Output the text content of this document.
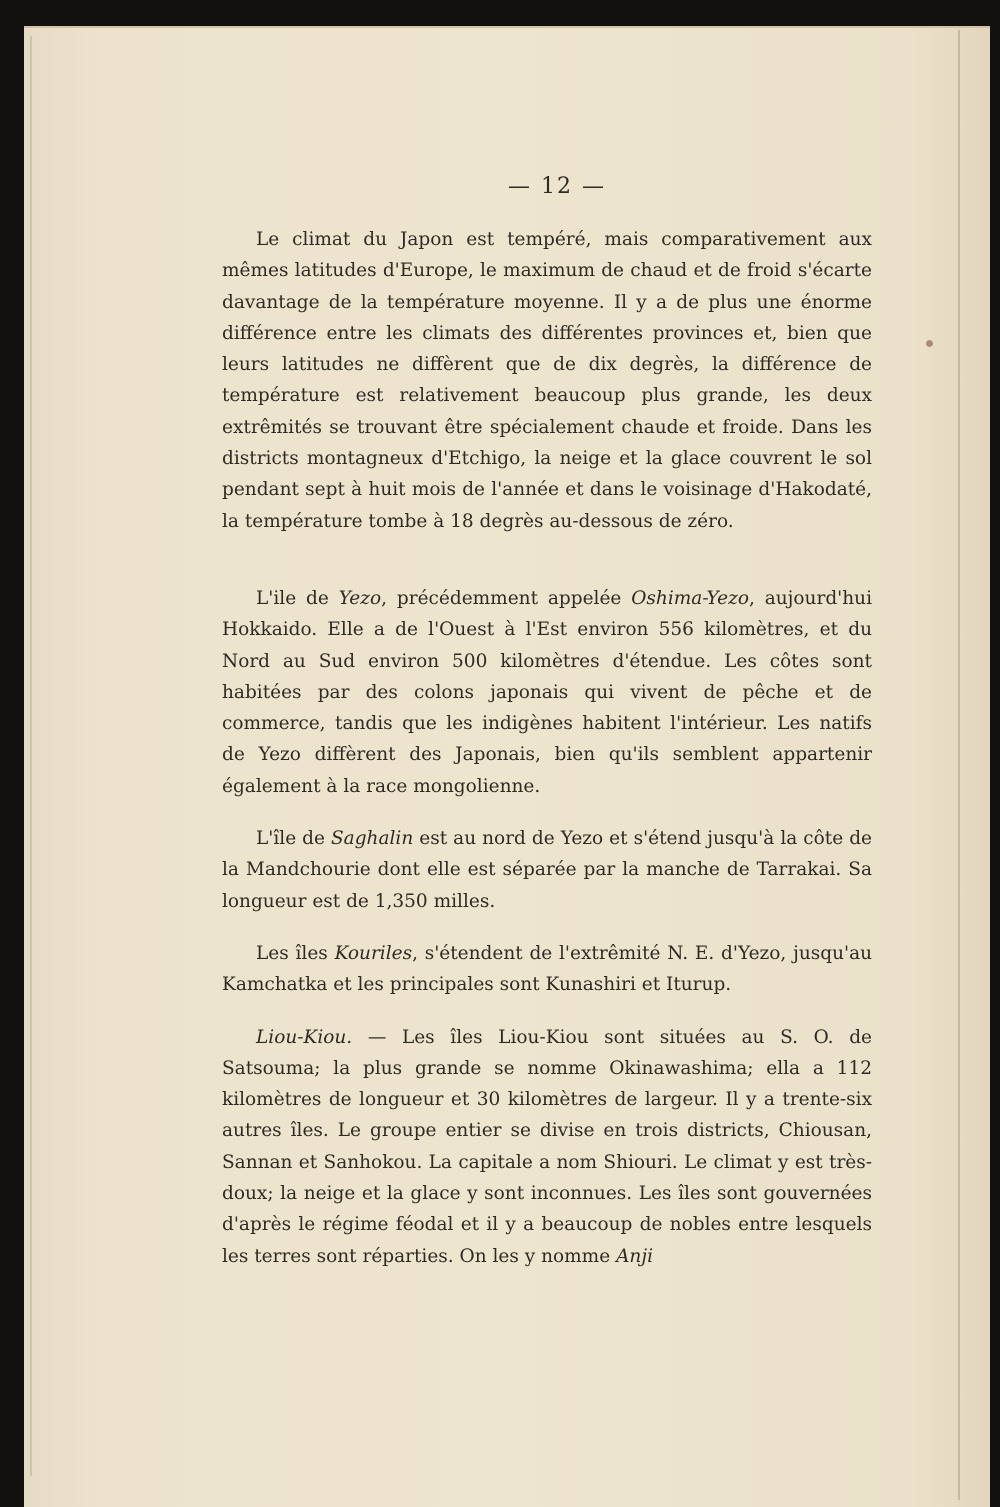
— 12 —

Le climat du Japon est tempéré, mais comparativement aux mêmes latitudes d'Europe, le maximum de chaud et de froid s'écarte davantage de la température moyenne. Il y a de plus une énorme différence entre les climats des différentes provinces et, bien que leurs latitudes ne diffèrent que de dix degrès, la différence de température est relativement beaucoup plus grande, les deux extrêmités se trouvant être spécialement chaude et froide. Dans les districts montagneux d'Etchigo, la neige et la glace couvrent le sol pendant sept à huit mois de l'année et dans le voisinage d'Hakodaté, la température tombe à 18 degrès au-dessous de zéro.

L'ile de Yezo, précédemment appelée Oshima-Yezo, aujourd'hui Hokkaido. Elle a de l'Ouest à l'Est environ 556 kilomètres, et du Nord au Sud environ 500 kilomètres d'étendue. Les côtes sont habitées par des colons japonais qui vivent de pêche et de commerce, tandis que les indigènes habitent l'intérieur. Les natifs de Yezo diffèrent des Japonais, bien qu'ils semblent appartenir également à la race mongolienne.

L'île de Saghalin est au nord de Yezo et s'étend jusqu'à la côte de la Mandchourie dont elle est séparée par la manche de Tarrakai. Sa longueur est de 1,350 milles.

Les îles Kouriles, s'étendent de l'extrêmité N. E. d'Yezo, jusqu'au Kamchatka et les principales sont Kunashiri et Iturup.

Liou-Kiou. — Les îles Liou-Kiou sont situées au S. O. de Satsouma; la plus grande se nomme Okinawashima; ella a 112 kilomètres de longueur et 30 kilomètres de largeur. Il y a trente-six autres îles. Le groupe entier se divise en trois districts, Chiousan, Sannan et Sanhokou. La capitale a nom Shiouri. Le climat y est très-doux; la neige et la glace y sont inconnues. Les îles sont gouvernées d'après le régime féodal et il y a beaucoup de nobles entre lesquels les terres sont réparties. On les y nomme Anji
